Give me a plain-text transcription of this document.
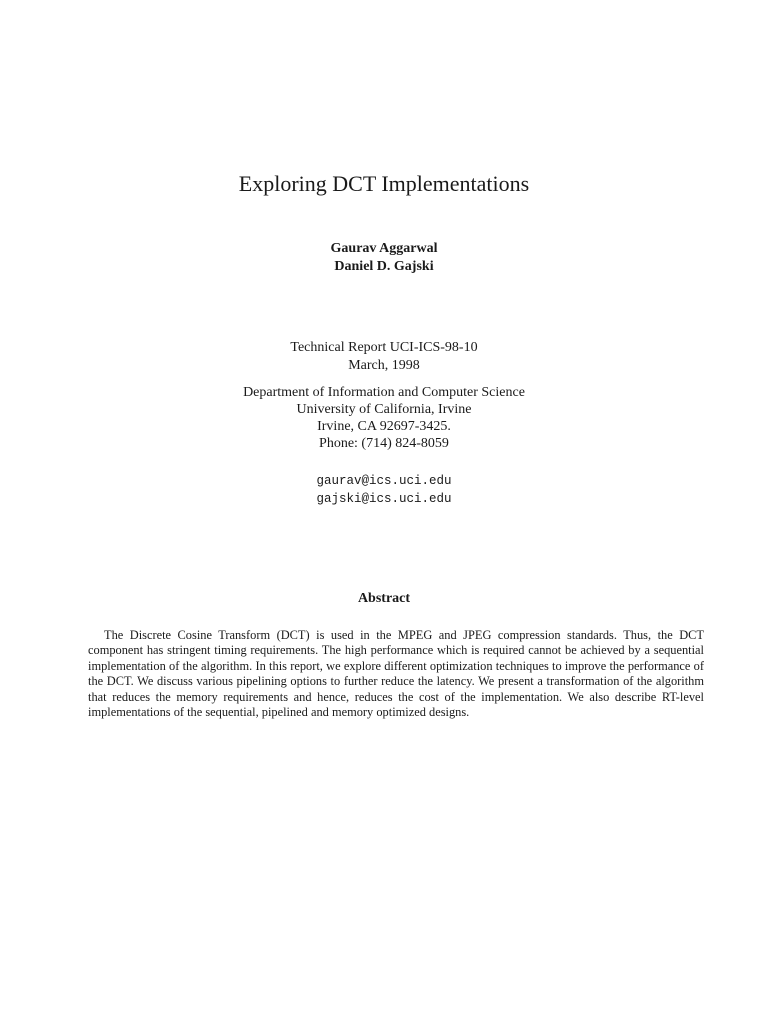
Exploring DCT Implementations
Gaurav Aggarwal
Daniel D. Gajski
Technical Report UCI-ICS-98-10
March, 1998
Department of Information and Computer Science
University of California, Irvine
Irvine, CA 92697-3425.
Phone: (714) 824-8059
gaurav@ics.uci.edu
gajski@ics.uci.edu
Abstract

The Discrete Cosine Transform (DCT) is used in the MPEG and JPEG compression standards. Thus, the DCT component has stringent timing requirements. The high performance which is required cannot be achieved by a sequential implementation of the algorithm. In this report, we explore different optimization techniques to improve the performance of the DCT. We discuss various pipelining options to further reduce the latency. We present a transformation of the algorithm that reduces the memory requirements and hence, reduces the cost of the implementation. We also describe RT-level implementations of the sequential, pipelined and memory optimized designs.
